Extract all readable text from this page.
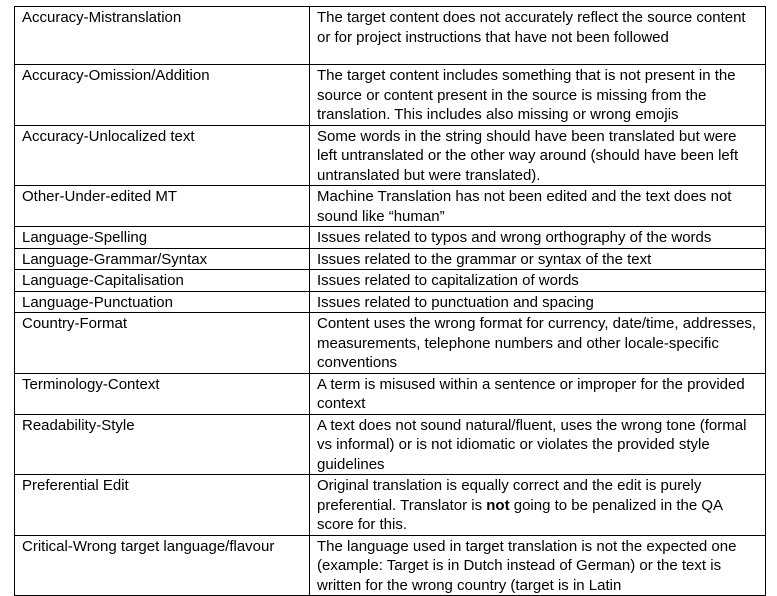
Accuracy-Mistranslation	The target content does not accurately reflect the source content or for project instructions that have not been followed
Accuracy-Omission/Addition	The target content includes something that is not present in the source or content present in the source is missing from the translation. This includes also missing or wrong emojis
Accuracy-Unlocalized text	Some words in the string should have been translated but were left untranslated or the other way around (should have been left untranslated but were translated).
Other-Under-edited MT	Machine Translation has not been edited and the text does not sound like “human”
Language-Spelling	Issues related to typos and wrong orthography of the words
Language-Grammar/Syntax	Issues related to the grammar or syntax of the text
Language-Capitalisation	Issues related to capitalization of words
Language-Punctuation	Issues related to punctuation and spacing
Country-Format	Content uses the wrong format for currency, date/time, addresses, measurements, telephone numbers and other locale-specific conventions
Terminology-Context	A term is misused within a sentence or improper for the provided context
Readability-Style	A text does not sound natural/fluent, uses the wrong tone (formal vs informal) or is not idiomatic or violates the provided style guidelines
Preferential Edit	Original translation is equally correct and the edit is purely preferential. Translator is not going to be penalized in the QA score for this.
Critical-Wrong target language/flavour	The language used in target translation is not the expected one (example: Target is in Dutch instead of German) or the text is written for the wrong country (target is in Latin
